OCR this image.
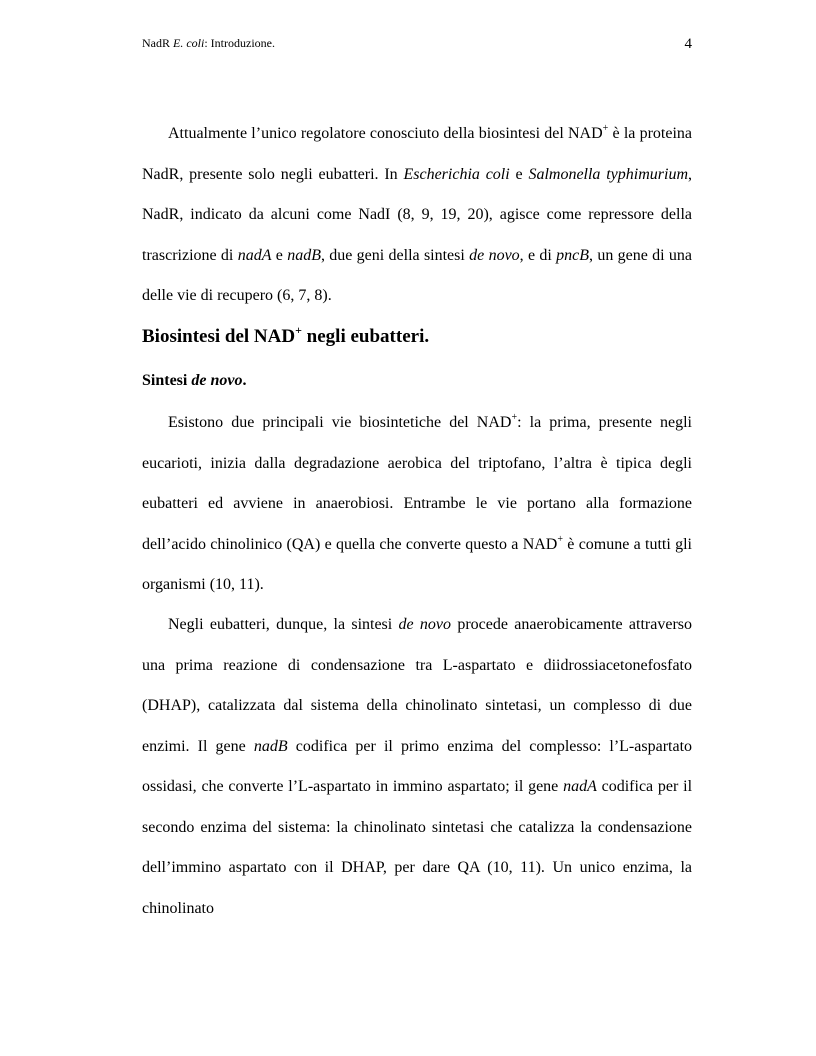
NadR E. coli: Introduzione.	4
Attualmente l’unico regolatore conosciuto della biosintesi del NAD+ è la proteina NadR, presente solo negli eubatteri. In Escherichia coli e Salmonella typhimurium, NadR, indicato da alcuni come NadI (8, 9, 19, 20), agisce come repressore della trascrizione di nadA e nadB, due geni della sintesi de novo, e di pncB, un gene di una delle vie di recupero (6, 7, 8).
Biosintesi del NAD+ negli eubatteri.
Sintesi de novo.
Esistono due principali vie biosintetiche del NAD+: la prima, presente negli eucarioti, inizia dalla degradazione aerobica del triptofano, l’altra è tipica degli eubatteri ed avviene in anaerobiosi. Entrambe le vie portano alla formazione dell’acido chinolinico (QA) e quella che converte questo a NAD+ è comune a tutti gli organismi (10, 11).
Negli eubatteri, dunque, la sintesi de novo procede anaerobicamente attraverso una prima reazione di condensazione tra L-aspartato e diidrossiacetonefosfato (DHAP), catalizzata dal sistema della chinolinato sintetasi, un complesso di due enzimi. Il gene nadB codifica per il primo enzima del complesso: l’L-aspartato ossidasi, che converte l’L-aspartato in immino aspartato; il gene nadA codifica per il secondo enzima del sistema: la chinolinato sintetasi che catalizza la condensazione dell’immino aspartato con il DHAP, per dare QA (10, 11). Un unico enzima, la chinolinato
